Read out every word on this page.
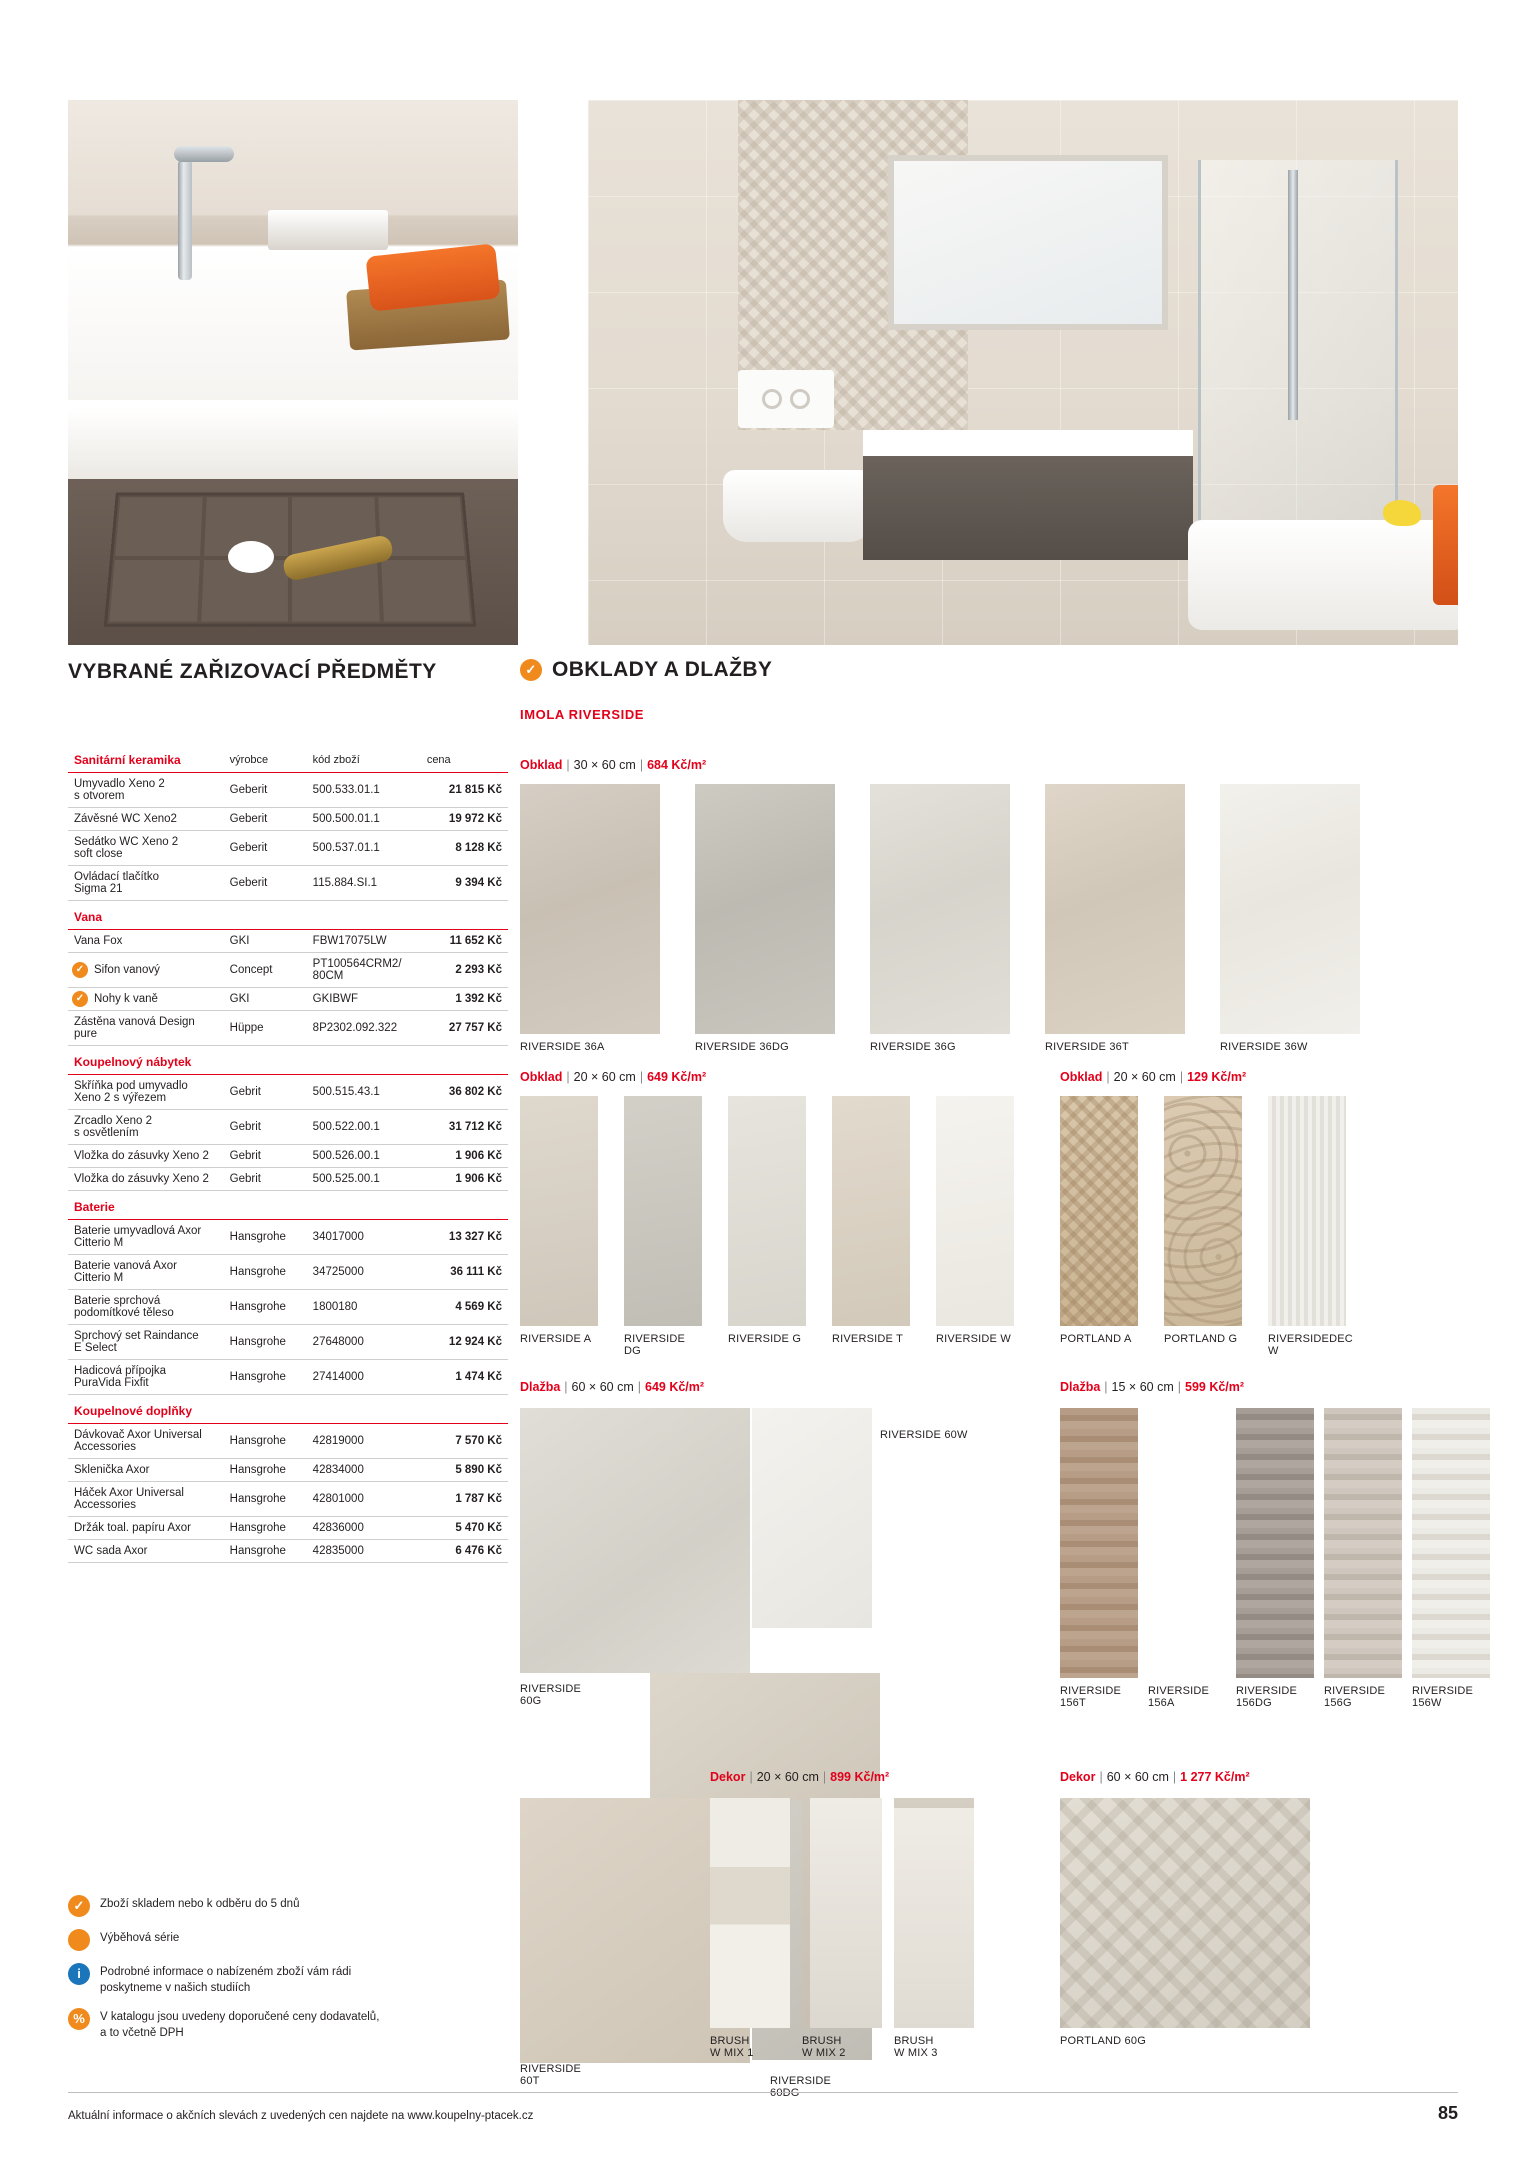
VYBRANÉ ZAŘIZOVACÍ PŘEDMĚTY	✓ OBKLADY A DLAŽBY
IMOLA RIVERSIDE
Sanitární keramika	výrobce	kód zboží	cena
Umyvadlo Xeno 2
s otvorem	Geberit	500.533.01.1	21 815 Kč
Závěsné WC Xeno2	Geberit	500.500.01.1	19 972 Kč
Sedátko WC Xeno 2
soft close	Geberit	500.537.01.1	8 128 Kč
Ovládací tlačítko
Sigma 21	Geberit	115.884.SI.1	9 394 Kč
Vana			
Vana Fox	GKI	FBW17075LW	11 652 Kč

✓ Sifon vanový	Concept	PT100564CRM2/80CM	2 293 Kč

✓ Nohy k vaně	GKI	GKIBWF	1 392 Kč
Zástěna vanová Design
pure	Hüppe	8P2302.092.322	27 757 Kč
Koupelnový nábytek			
Skříňka pod umyvadlo
Xeno 2 s výřezem	Gebrit	500.515.43.1	36 802 Kč
Zrcadlo Xeno 2
s osvětlením	Gebrit	500.522.00.1	31 712 Kč
Vložka do zásuvky Xeno 2	Gebrit	500.526.00.1	1 906 Kč
Vložka do zásuvky Xeno 2	Gebrit	500.525.00.1	1 906 Kč
Baterie			
Baterie umyvadlová Axor
Citterio M	Hansgrohe	34017000	13 327 Kč
Baterie vanová Axor
Citterio M	Hansgrohe	34725000	36 111 Kč
Baterie sprchová
podomítkové těleso	Hansgrohe	1800180	4 569 Kč
Sprchový set Raindance
E Select	Hansgrohe	27648000	12 924 Kč
Hadicová přípojka
PuraVida Fixfit	Hansgrohe	27414000	1 474 Kč
Koupelnové doplňky			
Dávkovač Axor Universal
Accessories	Hansgrohe	42819000	7 570 Kč
Sklenička Axor	Hansgrohe	42834000	5 890 Kč
Háček Axor Universal
Accessories	Hansgrohe	42801000	1 787 Kč
Držák toal. papíru Axor	Hansgrohe	42836000	5 470 Kč
WC sada Axor	Hansgrohe	42835000	6 476 Kč
✓	Zboží skladem nebo k odběru do 5 dnů
Výběhová série
i	Podrobné informace o nabízeném zboží vám rádi
poskytneme v našich studiích
%	V katalogu jsou uvedeny doporučené ceny dodavatelů,
a to včetně DPH
Obklad | 30 × 60 cm | 684 Kč/m²
RIVERSIDE 36A	RIVERSIDE 36DG	RIVERSIDE 36G	RIVERSIDE 36T	RIVERSIDE 36W
Obklad | 20 × 60 cm | 649 Kč/m²
RIVERSIDE A	RIVERSIDE DG
RIVERSIDE G	RIVERSIDE T	RIVERSIDE W
Obklad | 20 × 60 cm | 129 Kč/m²
PORTLAND A	PORTLAND G	RIVERSIDEDEC W
Dlažba | 60 × 60 cm | 649 Kč/m²
RIVERSIDE 60G
RIVERSIDE 60W
RIVERSIDE 60T	RIVERSIDE 60DG
Dlažba | 15 × 60 cm | 599 Kč/m²
RIVERSIDE
156T
RIVERSIDE
156A
RIVERSIDE
156DG
RIVERSIDE
156G
RIVERSIDE
156W
Dekor | 20 × 60 cm | 899 Kč/m²
BRUSH
W MIX 1
BRUSH
W MIX 2
BRUSH
W MIX 3
Dekor | 60 × 60 cm | 1 277 Kč/m²
PORTLAND 60G
Aktuální informace o akčních slevách z uvedených cen najdete na www.koupelny-ptacek.cz	85
